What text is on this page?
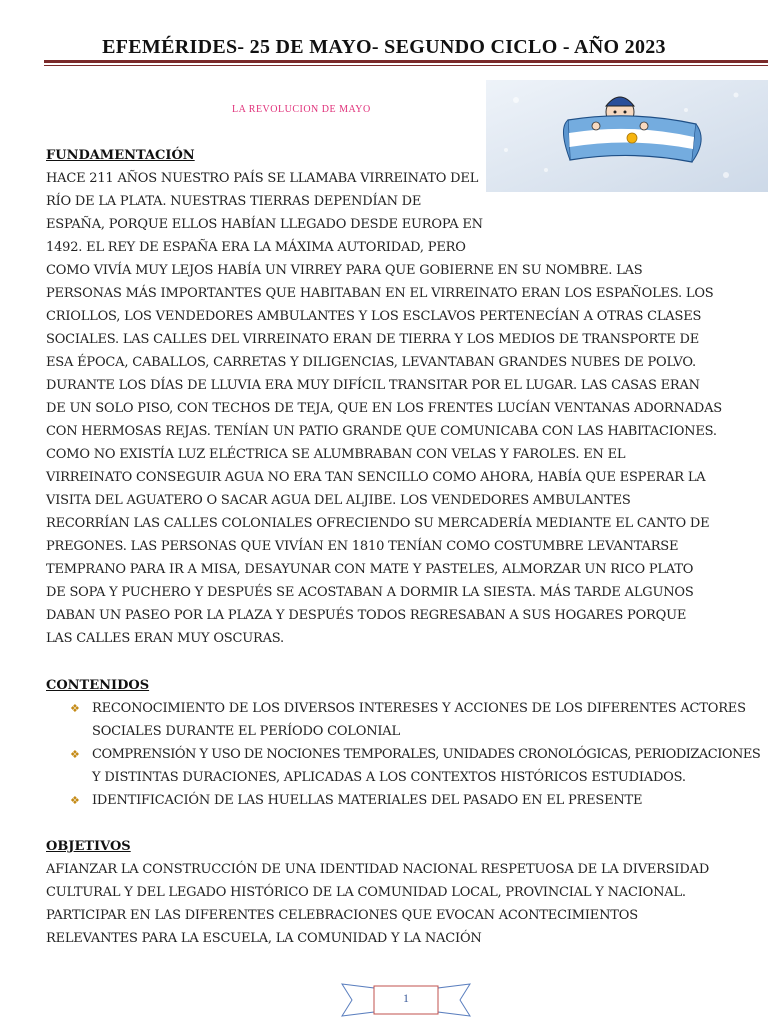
EFEMÉRIDES- 25 DE MAYO- SEGUNDO CICLO - AÑO 2023
LA REVOLUCION DE MAYO
FUNDAMENTACIÓN
HACE 211 AÑOS NUESTRO PAÍS SE LLAMABA VIRREINATO DEL
RÍO DE LA PLATA. NUESTRAS TIERRAS DEPENDÍAN DE
ESPAÑA, PORQUE ELLOS HABÍAN LLEGADO DESDE EUROPA EN
1492. EL REY DE ESPAÑA ERA LA MÁXIMA AUTORIDAD, PERO
COMO VIVÍA MUY LEJOS HABÍA UN VIRREY PARA QUE GOBIERNE EN SU NOMBRE. LAS
PERSONAS MÁS IMPORTANTES QUE HABITABAN EN EL VIRREINATO ERAN LOS ESPAÑOLES. LOS
CRIOLLOS, LOS VENDEDORES AMBULANTES Y LOS ESCLAVOS PERTENECÍAN A OTRAS CLASES
SOCIALES. LAS CALLES DEL VIRREINATO ERAN DE TIERRA Y LOS MEDIOS DE TRANSPORTE DE
ESA ÉPOCA, CABALLOS, CARRETAS Y DILIGENCIAS, LEVANTABAN GRANDES NUBES DE POLVO.
DURANTE LOS DÍAS DE LLUVIA ERA MUY DIFÍCIL TRANSITAR POR EL LUGAR. LAS CASAS ERAN
DE UN SOLO PISO, CON TECHOS DE TEJA, QUE EN LOS FRENTES LUCÍAN VENTANAS ADORNADAS
CON HERMOSAS REJAS. TENÍAN UN PATIO GRANDE QUE COMUNICABA CON LAS HABITACIONES.
COMO NO EXISTÍA LUZ ELÉCTRICA SE ALUMBRABAN CON VELAS Y FAROLES. EN EL
VIRREINATO CONSEGUIR AGUA NO ERA TAN SENCILLO COMO AHORA, HABÍA QUE ESPERAR LA
VISITA DEL AGUATERO O SACAR AGUA DEL ALJIBE. LOS VENDEDORES AMBULANTES
RECORRÍAN LAS CALLES COLONIALES OFRECIENDO SU MERCADERÍA MEDIANTE EL CANTO DE
PREGONES. LAS PERSONAS QUE VIVÍAN EN 1810 TENÍAN COMO COSTUMBRE LEVANTARSE
TEMPRANO PARA IR A MISA, DESAYUNAR CON MATE Y PASTELES, ALMORZAR UN RICO PLATO
DE SOPA Y PUCHERO Y DESPUÉS SE ACOSTABAN A DORMIR LA SIESTA. MÁS TARDE ALGUNOS
DABAN UN PASEO POR LA PLAZA Y DESPUÉS TODOS REGRESABAN A SUS HOGARES PORQUE
LAS CALLES ERAN MUY OSCURAS.
CONTENIDOS
❖ RECONOCIMIENTO DE LOS DIVERSOS INTERESES Y ACCIONES DE LOS DIFERENTES ACTORES
SOCIALES DURANTE EL PERÍODO COLONIAL
❖ COMPRENSIÓN Y USO DE NOCIONES TEMPORALES, UNIDADES CRONOLÓGICAS, PERIODIZACIONES
Y DISTINTAS DURACIONES, APLICADAS A LOS CONTEXTOS HISTÓRICOS ESTUDIADOS.
❖ IDENTIFICACIÓN DE LAS HUELLAS MATERIALES DEL PASADO EN EL PRESENTE
OBJETIVOS
AFIANZAR LA CONSTRUCCIÓN DE UNA IDENTIDAD NACIONAL RESPETUOSA DE LA DIVERSIDAD
CULTURAL Y DEL LEGADO HISTÓRICO DE LA COMUNIDAD LOCAL, PROVINCIAL Y NACIONAL.
PARTICIPAR EN LAS DIFERENTES CELEBRACIONES QUE EVOCAN ACONTECIMIENTOS
RELEVANTES PARA LA ESCUELA, LA COMUNIDAD Y LA NACIÓN
1
